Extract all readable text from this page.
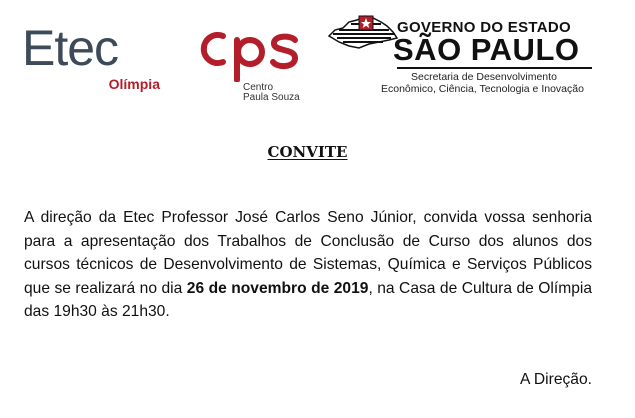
Etec
Olímpia	Centro
Paula Souza
GOVERNO DO ESTADO
SÃO PAULO
Secretaria de Desenvolvimento
Econômico, Ciência, Tecnologia e Inovação
CONVITE
A direção da Etec Professor José Carlos Seno Júnior, convida vossa senhoria para a apresentação dos Trabalhos de Conclusão de Curso dos alunos dos cursos técnicos de Desenvolvimento de Sistemas, Química e Serviços Públicos que se realizará no dia 26 de novembro de 2019, na Casa de Cultura de Olímpia das 19h30 às 21h30.
A Direção.
